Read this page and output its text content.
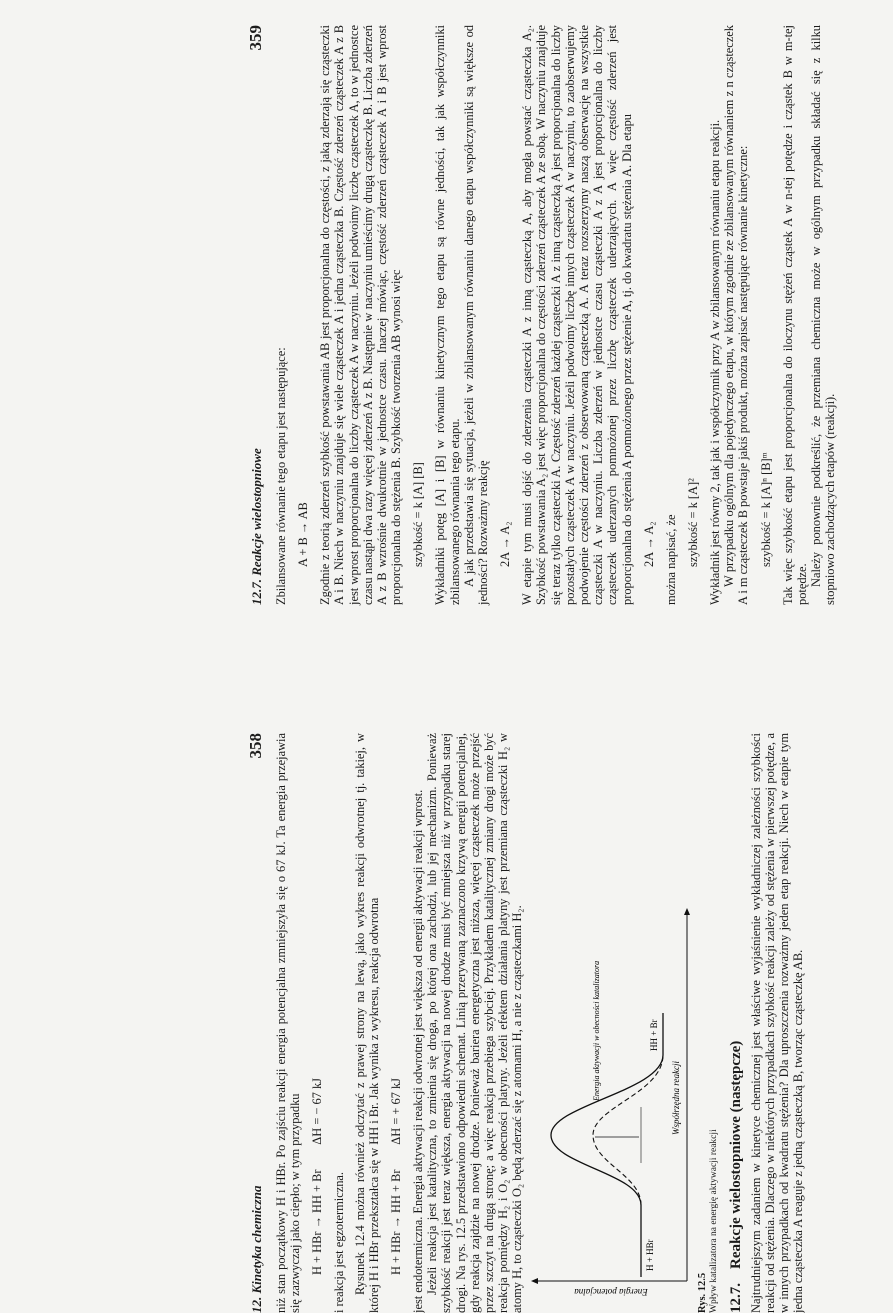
12. Kinetyka chemiczna
358 niż stan początkowy H i HBr. Po zajściu reakcji energia potencjalna zmniejszyła się o 67 kJ. Ta energia przejawia się zazwyczaj jako ciepło; w tym przypadku H + HBr → HH + Br        ΔH = − 67 kJ i reakcja jest egzotermiczna. Rysunek 12.4 można również odczytać z prawej strony na lewą, jako wykres reakcji odwrotnej tj. takiej, w której H i HBr przekształca się w HH i Br. Jak wynika z wykresu, reakcja odwrotna H + HBr → HH + Br        ΔH = + 67 kJ jest endotermiczna. Energia aktywacji reakcji odwrotnej jest większa od energii aktywacji reakcji wprost. Jeżeli reakcja jest katalityczna, to zmienia się droga, po której ona zachodzi, lub jej mechanizm. Ponieważ szybkość reakcji jest teraz większa, energia aktywacji na nowej drodze musi być mniejsza niż w przypadku starej drogi. Na rys. 12.5 przedstawiono odpowiedni schemat. Linią przerywaną zaznaczono krzywą energii potencjalnej, gdy reakcja zajdzie na nowej drodze. Ponieważ bariera energetyczna jest niższa, więcej cząsteczek może przejść przez szczyt na drugą stronę; a więc reakcja przebiega szybciej. Przykładem katalitycznej zmiany drogi może być reakcja pomiędzy H₂ i O₂ w obecności platyny. Jeżeli efektem działania platyny jest przemiana cząsteczki H₂ w atomy H, to cząsteczki O₂ będą zderzać się z atomami H, a nie z cząsteczkami H₂.	Energia potencjalna
Współrzędna reakcji
H + HBr
HH + Br
Energia aktywacji w obecności katalizatora
Rys. 12.5
Wpływ katalizatora na energię aktywacji reakcji 12.7.Reakcje wielostopniowe (następcze) Najtrudniejszym zadaniem w kinetyce chemicznej jest właściwe wyjaśnienie wykładniczej zależności szybkości reakcji od stężenia. Dlaczego w niektórych przypadkach szybkość reakcji zależy od stężenia w pierwszej potędze, a w innych przypadkach od kwadratu stężenia? Dla uproszczenia rozważmy jeden etap reakcji. Niech w etapie tym jedna cząsteczka A reaguje z jedną cząsteczką B, tworząc cząsteczkę AB.

12.7. Reakcje wielostopniowe
359

Zbilansowane równanie tego etapu jest następujące: A + B → AB Zgodnie z teorią zderzeń szybkość powstawania AB jest proporcjonalna do częstości, z jaką zderzają się cząsteczki A i B. Niech w naczyniu znajduje się wiele cząsteczek A i jedna cząsteczka B. Częstość zderzeń cząsteczek A z B jest wprost proporcjonalna do liczby cząsteczek A w naczyniu. Jeżeli podwoimy liczbę cząsteczek A, to w jednostce czasu nastąpi dwa razy więcej zderzeń A z B. Następnie w naczyniu umieścimy drugą cząsteczkę B. Liczba zderzeń A z B wzrośnie dwukrotnie w jednostce czasu. Inaczej mówiąc, częstość zderzeń cząsteczek A i B jest wprost proporcjonalna do stężenia B. Szybkość tworzenia AB wynosi więc szybkość = k [A] [B] Wykładniki potęg [A] i [B] w równaniu kinetycznym tego etapu są równe jedności, tak jak współczynniki zbilansowanego równania tego etapu. A jak przedstawia się sytuacja, jeżeli w zbilansowanym równaniu danego etapu współczynniki są większe od jedności? Rozważmy reakcję 2A → A₂ W etapie tym musi dojść do zderzenia cząsteczki A z inną cząsteczką A, aby mogła powstać cząsteczka A₂. Szybkość powstawania A₂ jest więc proporcjonalna do częstości zderzeń cząsteczek A ze sobą. W naczyniu znajduje się teraz tylko cząsteczki A. Częstość zderzeń każdej cząsteczki A z inną cząsteczką A jest proporcjonalna do liczby pozostałych cząsteczek A w naczyniu. Jeżeli podwoimy liczbę innych cząsteczek A w naczyniu, to zaobserwujemy podwojenie częstości zderzeń z obserwowaną cząsteczką A. A teraz rozszerzymy naszą obserwację na wszystkie cząsteczki A w naczyniu. Liczba zderzeń w jednostce czasu cząsteczki A z A jest proporcjonalna do liczby cząsteczek uderzanych pomnożonej przez liczbę cząsteczek uderzających. A więc częstość zderzeń jest proporcjonalna do stężenia A pomnożonego przez stężenie A, tj. do kwadratu stężenia A. Dla etapu 2A → A₂ można napisać, że szybkość = k [A]² Wykładnik jest równy 2, tak jak i współczynnik przy A w zbilansowanym równaniu etapu reakcji. W przypadku ogólnym dla pojedynczego etapu, w którym zgodnie ze zbilansowanym równaniem z n cząsteczek A i m cząsteczek B powstaje jakiś produkt, można zapisać następujące równanie kinetyczne: szybkość = k [A]ⁿ [B]ᵐ Tak więc szybkość etapu jest proporcjonalna do iloczynu stężeń cząstek A w n-tej potędze i cząstek B w m-tej potędze. Należy ponownie podkreślić, że przemiana chemiczna może w ogólnym przypadku składać się z kilku stopniowo zachodzących etapów (reakcji).
